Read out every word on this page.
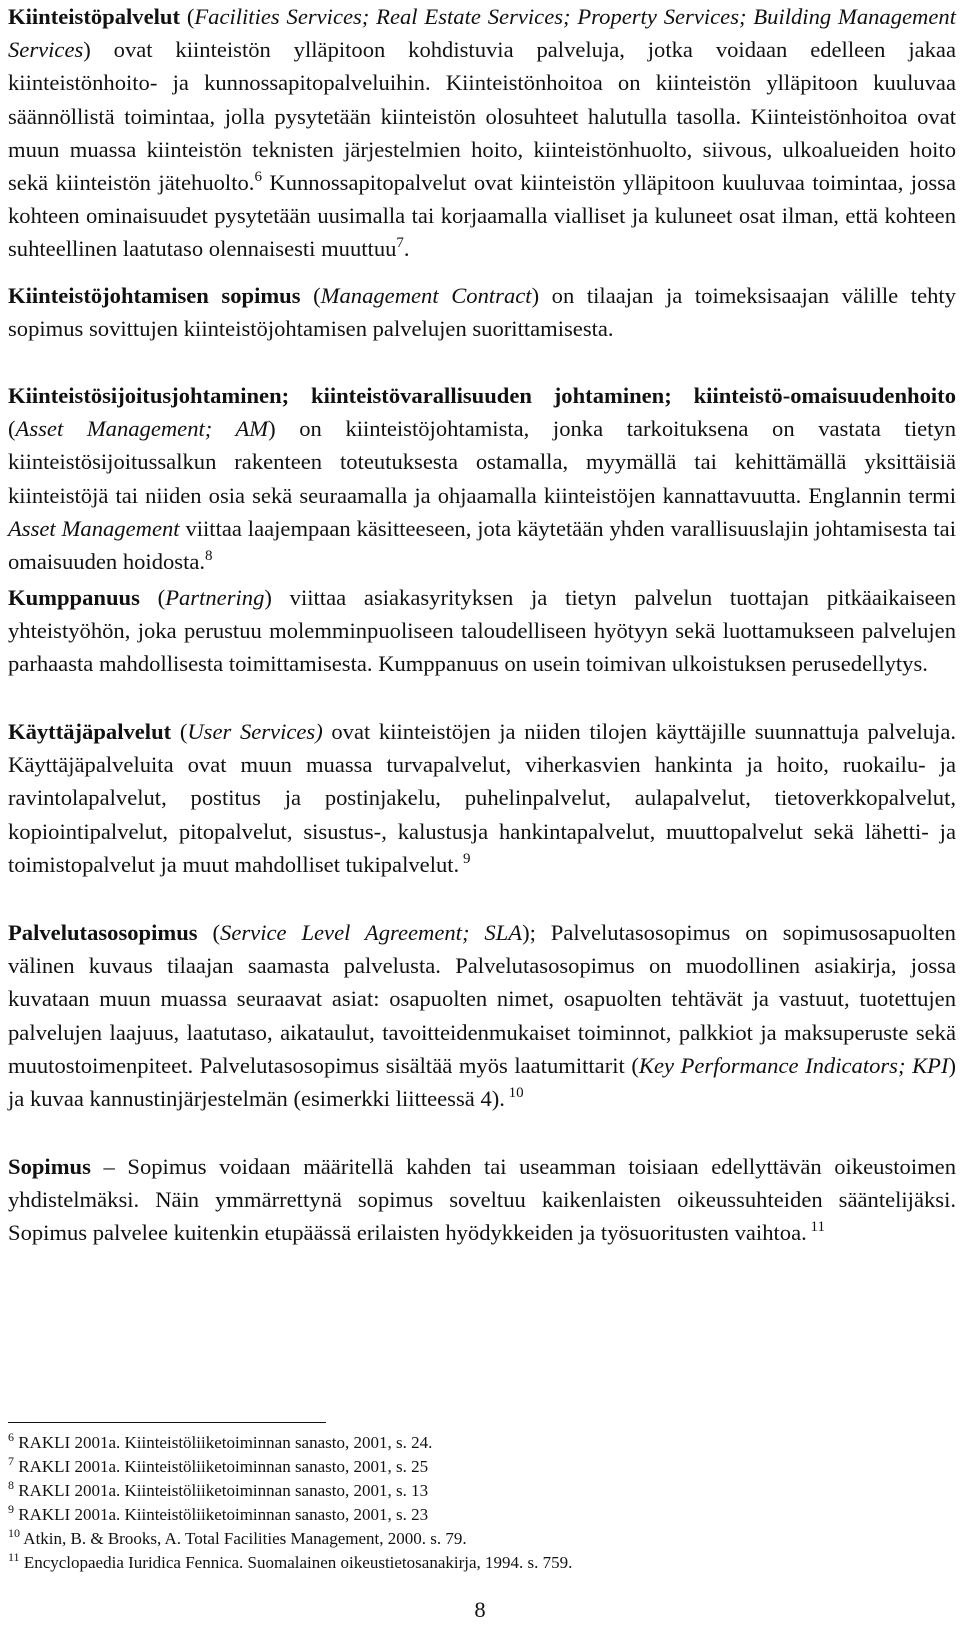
Kiinteistöpalvelut (Facilities Services; Real Estate Services; Property Services; Building Management Services) ovat kiinteistön ylläpitoon kohdistuvia palveluja, jotka voidaan edelleen jakaa kiinteistönhoito- ja kunnossapitopalveluihin. Kiinteistönhoitoa on kiinteistön ylläpitoon kuuluvaa säännöllistä toimintaa, jolla pysytetään kiinteistön olosuhteet halutulla tasolla. Kiinteistönhoitoa ovat muun muassa kiinteistön teknisten järjestelmien hoito, kiinteistönhuolto, siivous, ulkoalueiden hoito sekä kiinteistön jätehuolto.$^6$ Kunnossapitopalvelut ovat kiinteistön ylläpitoon kuuluvaa toimintaa, jossa kohteen ominaisuudet pysytetään uusimalla tai korjaamalla vialliset ja kuluneet osat ilman, että kohteen suhteellinen laatutaso olennaisesti muuttuu$^7$.

Kiinteistöjohtamisen sopimus (Management Contract) on tilaajan ja toimeksisaajan välille tehty sopimus sovittujen kiinteistöjohtamisen palvelujen suorittamisesta.

Kiinteistösijoitusjohtaminen; kiinteistövarallisuuden johtaminen; kiinteistö-omaisuudenhoito (Asset Management; AM) on kiinteistöjohtamista, jonka tarkoituksena on vastata tietyn kiinteistösijoitussalkun rakenteen toteutuksesta ostamalla, myymällä tai kehittämällä yksittäisiä kiinteistöjä tai niiden osia sekä seuraamalla ja ohjaamalla kiinteistöjen kannattavuutta. Englannin termi Asset Management viittaa laajempaan käsitteeseen, jota käytetään yhden varallisuuslajin johtamisesta tai omaisuuden hoidosta.$^8$

Kumppanuus (Partnering) viittaa asiakasyrityksen ja tietyn palvelun tuottajan pitkäaikaiseen yhteistyöhön, joka perustuu molemminpuoliseen taloudelliseen hyötyyn sekä luottamukseen palvelujen parhaasta mahdollisesta toimittamisesta. Kumppanuus on usein toimivan ulkoistuksen perusedellytys.

Käyttäjäpalvelut (User Services) ovat kiinteistöjen ja niiden tilojen käyttäjille suunnattuja palveluja. Käyttäjäpalveluita ovat muun muassa turvapalvelut, viherkasvien hankinta ja hoito, ruokailu- ja ravintolapalvelut, postitus ja postinjakelu, puhelinpalvelut, aulapalvelut, tietoverkkopalvelut, kopiointipalvelut, pitopalvelut, sisustus-, kalustusja hankintapalvelut, muuttopalvelut sekä lähetti- ja toimistopalvelut ja muut mahdolliset tukipalvelut. $^9$

Palvelutasosopimus (Service Level Agreement; SLA); Palvelutasosopimus on sopimusosapuolten välinen kuvaus tilaajan saamasta palvelusta. Palvelutasosopimus on muodollinen asiakirja, jossa kuvataan muun muassa seuraavat asiat: osapuolten nimet, osapuolten tehtävät ja vastuut, tuotettujen palvelujen laajuus, laatutaso, aikataulut, tavoitteidenmukaiset toiminnot, palkkiot ja maksuperuste sekä muutostoimenpiteet. Palvelutasosopimus sisältää myös laatumittarit (Key Performance Indicators; KPI) ja kuvaa kannustinjärjestelmän (esimerkki liitteessä 4). $^{10}$

Sopimus – Sopimus voidaan määritellä kahden tai useamman toisiaan edellyttävän oikeustoimen yhdistelmäksi. Näin ymmärrettynä sopimus soveltuu kaikenlaisten oikeussuhteiden sääntelijäksi. Sopimus palvelee kuitenkin etupäässä erilaisten hyödykkeiden ja työsuoritusten vaihtoa. $^{11}$

$^6$ RAKLI 2001a. Kiinteistöliiketoiminnan sanasto, 2001, s. 24.

$^7$ RAKLI 2001a. Kiinteistöliiketoiminnan sanasto, 2001, s. 25

$^8$ RAKLI 2001a. Kiinteistöliiketoiminnan sanasto, 2001, s. 13

$^9$ RAKLI 2001a. Kiinteistöliiketoiminnan sanasto, 2001, s. 23

$^{10}$ Atkin, B. & Brooks, A. Total Facilities Management, 2000. s. 79.

$^{11}$ Encyclopaedia Iuridica Fennica. Suomalainen oikeustietosanakirja, 1994. s. 759.

8
